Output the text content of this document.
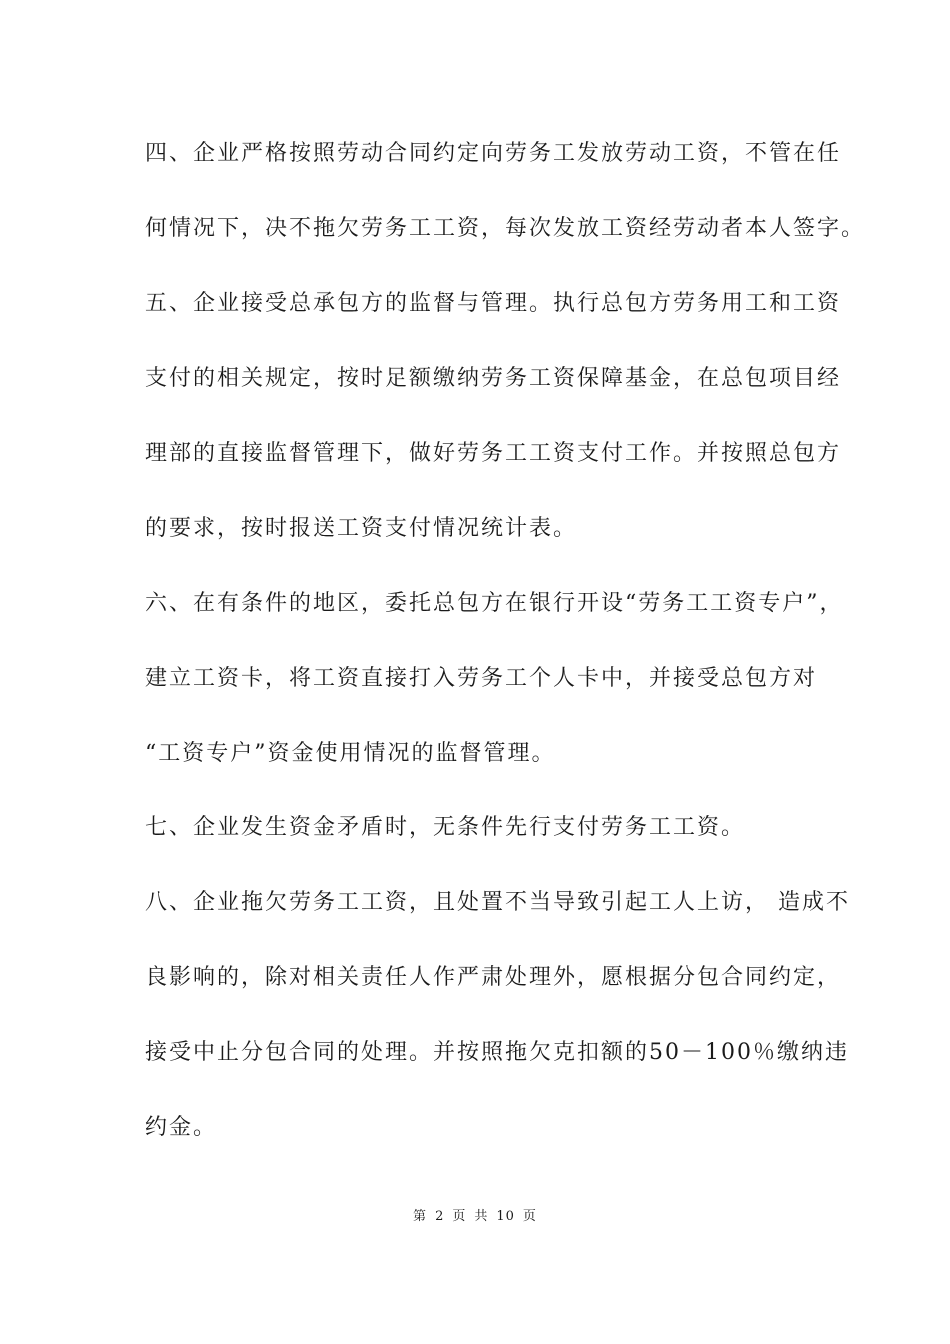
四、企业严格按照劳动合同约定向劳务工发放劳动工资，不管在任
何情况下，决不拖欠劳务工工资，每次发放工资经劳动者本人签字。
五、企业接受总承包方的监督与管理。执行总包方劳务用工和工资
支付的相关规定，按时足额缴纳劳务工资保障基金，在总包项目经
理部的直接监督管理下，做好劳务工工资支付工作。并按照总包方
的要求，按时报送工资支付情况统计表。
六、在有条件的地区，委托总包方在银行开设“劳务工工资专户”，
建立工资卡，将工资直接打入劳务工个人卡中，并接受总包方对
“工资专户”资金使用情况的监督管理。
七、企业发生资金矛盾时，无条件先行支付劳务工工资。
八、企业拖欠劳务工工资，且处置不当导致引起工人上访， 造成不
良影响的，除对相关责任人作严肃处理外，愿根据分包合同约定，
接受中止分包合同的处理。并按照拖欠克扣额的50－100％缴纳违
约金。
第 2 页 共 10 页
